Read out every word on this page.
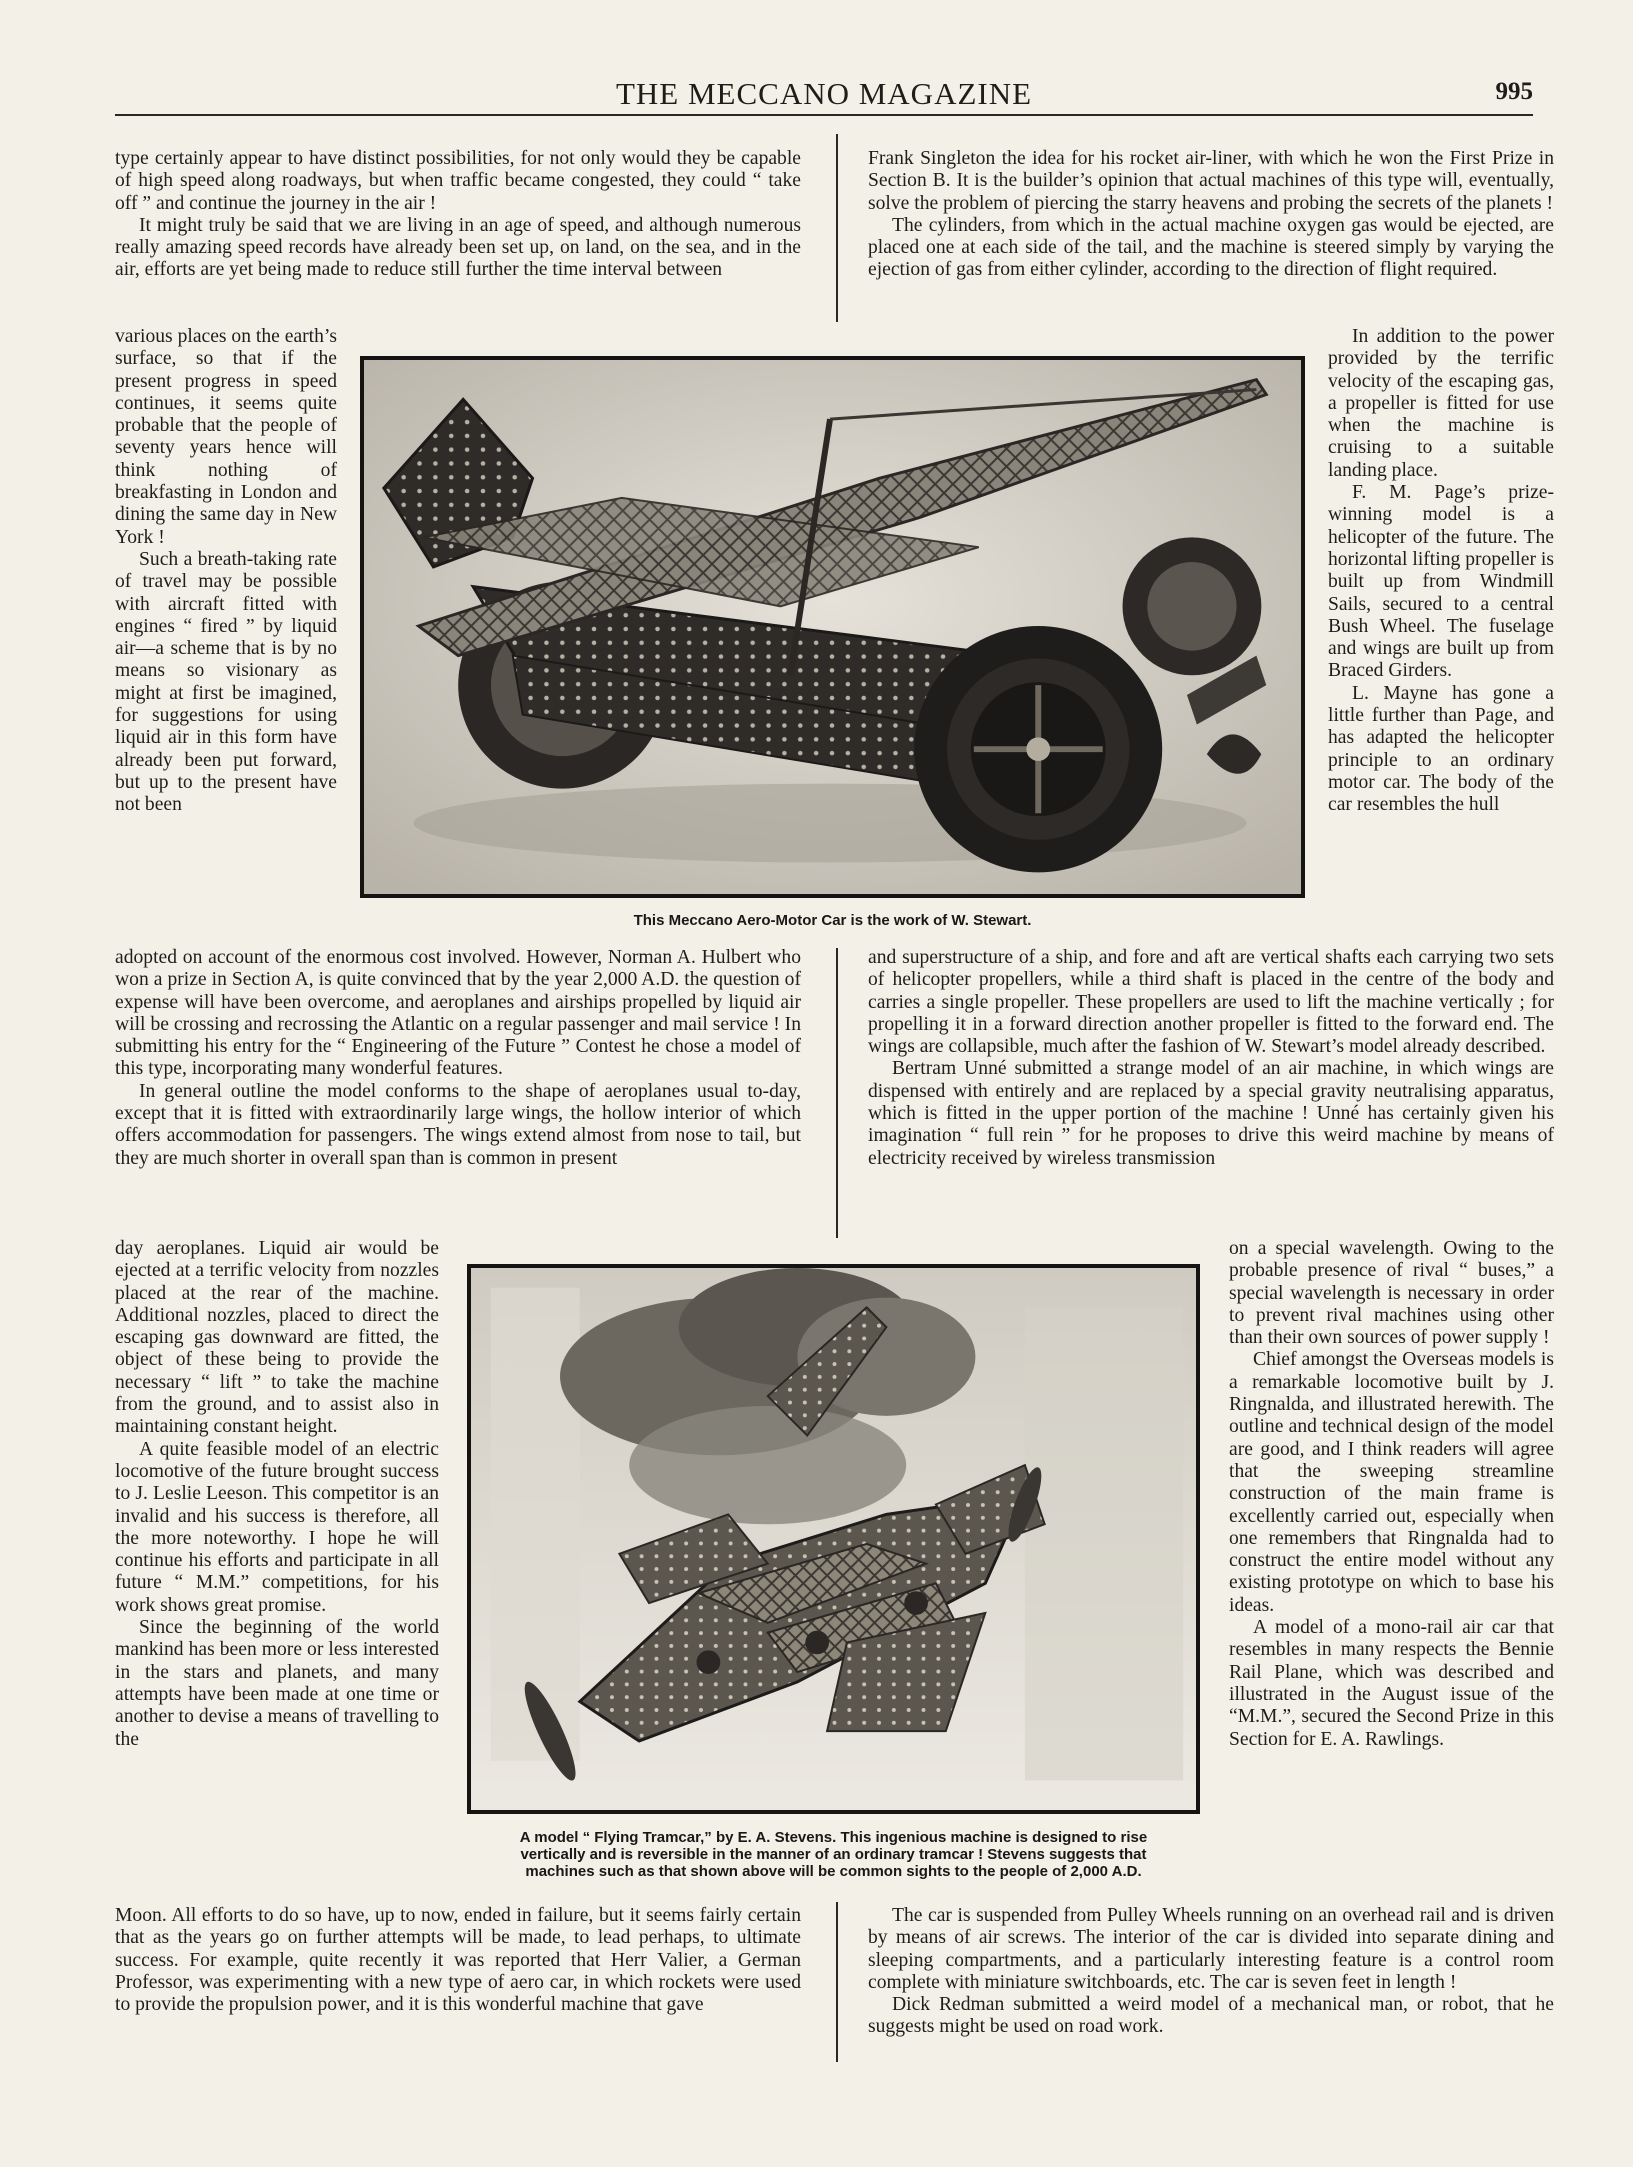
THE MECCANO MAGAZINE	995

type certainly appear to have distinct possibilities, for not only would they be capable of high speed along roadways, but when traffic became congested, they could “ take off ” and continue the journey in the air !

It might truly be said that we are living in an age of speed, and although numerous really amazing speed records have already been set up, on land, on the sea, and in the air, efforts are yet being made to reduce still further the time interval between

various places on the earth’s surface, so that if the present progress in speed continues, it seems quite probable that the people of seventy years hence will think nothing of breakfasting in London and dining the same day in New York !

Such a breath-taking rate of travel may be possible with aircraft fitted with engines “ fired ” by liquid air—a scheme that is by no means so visionary as might at first be imagined, for suggestions for using liquid air in this form have already been put forward, but up to the present have not been

adopted on account of the enormous cost involved. However, Norman A. Hulbert who won a prize in Section A, is quite convinced that by the year 2,000 A.D. the question of expense will have been overcome, and aeroplanes and airships propelled by liquid air will be crossing and recrossing the Atlantic on a regular passenger and mail service ! In submitting his entry for the “ Engineering of the Future ” Contest he chose a model of this type, incorporating many wonderful features.

In general outline the model conforms to the shape of aeroplanes usual to-day, except that it is fitted with extraordinarily large wings, the hollow interior of which offers accommodation for passengers. The wings extend almost from nose to tail, but they are much shorter in overall span than is common in present

day aeroplanes. Liquid air would be ejected at a terrific velocity from nozzles placed at the rear of the machine. Additional nozzles, placed to direct the escaping gas downward are fitted, the object of these being to provide the necessary “ lift ” to take the machine from the ground, and to assist also in maintaining constant height.

A quite feasible model of an electric locomotive of the future brought success to J. Leslie Leeson. This competitor is an invalid and his success is therefore, all the more noteworthy. I hope he will continue his efforts and participate in all future “ M.M.” competitions, for his work shows great promise.

Since the beginning of the world mankind has been more or less interested in the stars and planets, and many attempts have been made at one time or another to devise a means of travelling to the

Moon. All efforts to do so have, up to now, ended in failure, but it seems fairly certain that as the years go on further attempts will be made, to lead perhaps, to ultimate success. For example, quite recently it was reported that Herr Valier, a German Professor, was experimenting with a new type of aero car, in which rockets were used to provide the propulsion power, and it is this wonderful machine that gave

Frank Singleton the idea for his rocket air-liner, with which he won the First Prize in Section B. It is the builder’s opinion that actual machines of this type will, eventually, solve the problem of piercing the starry heavens and probing the secrets of the planets !

The cylinders, from which in the actual machine oxygen gas would be ejected, are placed one at each side of the tail, and the machine is steered simply by varying the ejection of gas from either cylinder, according to the direction of flight required.

In addition to the power provided by the terrific velocity of the escaping gas, a propeller is fitted for use when the machine is cruising to a suitable landing place.

F. M. Page’s prize-winning model is a helicopter of the future. The horizontal lifting propeller is built up from Windmill Sails, secured to a central Bush Wheel. The fuselage and wings are built up from Braced Girders.

L. Mayne has gone a little further than Page, and has adapted the helicopter principle to an ordinary motor car. The body of the car resembles the hull

and superstructure of a ship, and fore and aft are vertical shafts each carrying two sets of helicopter propellers, while a third shaft is placed in the centre of the body and carries a single propeller. These propellers are used to lift the machine vertically ; for propelling it in a forward direction another propeller is fitted to the forward end. The wings are collapsible, much after the fashion of W. Stewart’s model already described.

Bertram Unné submitted a strange model of an air machine, in which wings are dispensed with entirely and are replaced by a special gravity neutralising apparatus, which is fitted in the upper portion of the machine ! Unné has certainly given his imagination “ full rein ” for he proposes to drive this weird machine by means of electricity received by wireless transmission

on a special wavelength. Owing to the probable presence of rival “ buses,” a special wavelength is necessary in order to prevent rival machines using other than their own sources of power supply !

Chief amongst the Overseas models is a remarkable locomotive built by J. Ringnalda, and illustrated herewith. The outline and technical design of the model are good, and I think readers will agree that the sweeping streamline construction of the main frame is excellently carried out, especially when one remembers that Ringnalda had to construct the entire model without any existing prototype on which to base his ideas.

A model of a mono-rail air car that resembles in many respects the Bennie Rail Plane, which was described and illustrated in the August issue of the “M.M.”, secured the Second Prize in this Section for E. A. Rawlings.

The car is suspended from Pulley Wheels running on an overhead rail and is driven by means of air screws. The interior of the car is divided into separate dining and sleeping compartments, and a particularly interesting feature is a control room complete with miniature switchboards, etc. The car is seven feet in length !

Dick Redman submitted a weird model of a mechanical man, or robot, that he suggests might be used on road work.

This Meccano Aero-Motor Car is the work of W. Stewart.
A model “ Flying Tramcar,” by E. A. Stevens. This ingenious machine is designed to rise
vertically and is reversible in the manner of an ordinary tramcar ! Stevens suggests that
machines such as that shown above will be common sights to the people of 2,000 A.D.
